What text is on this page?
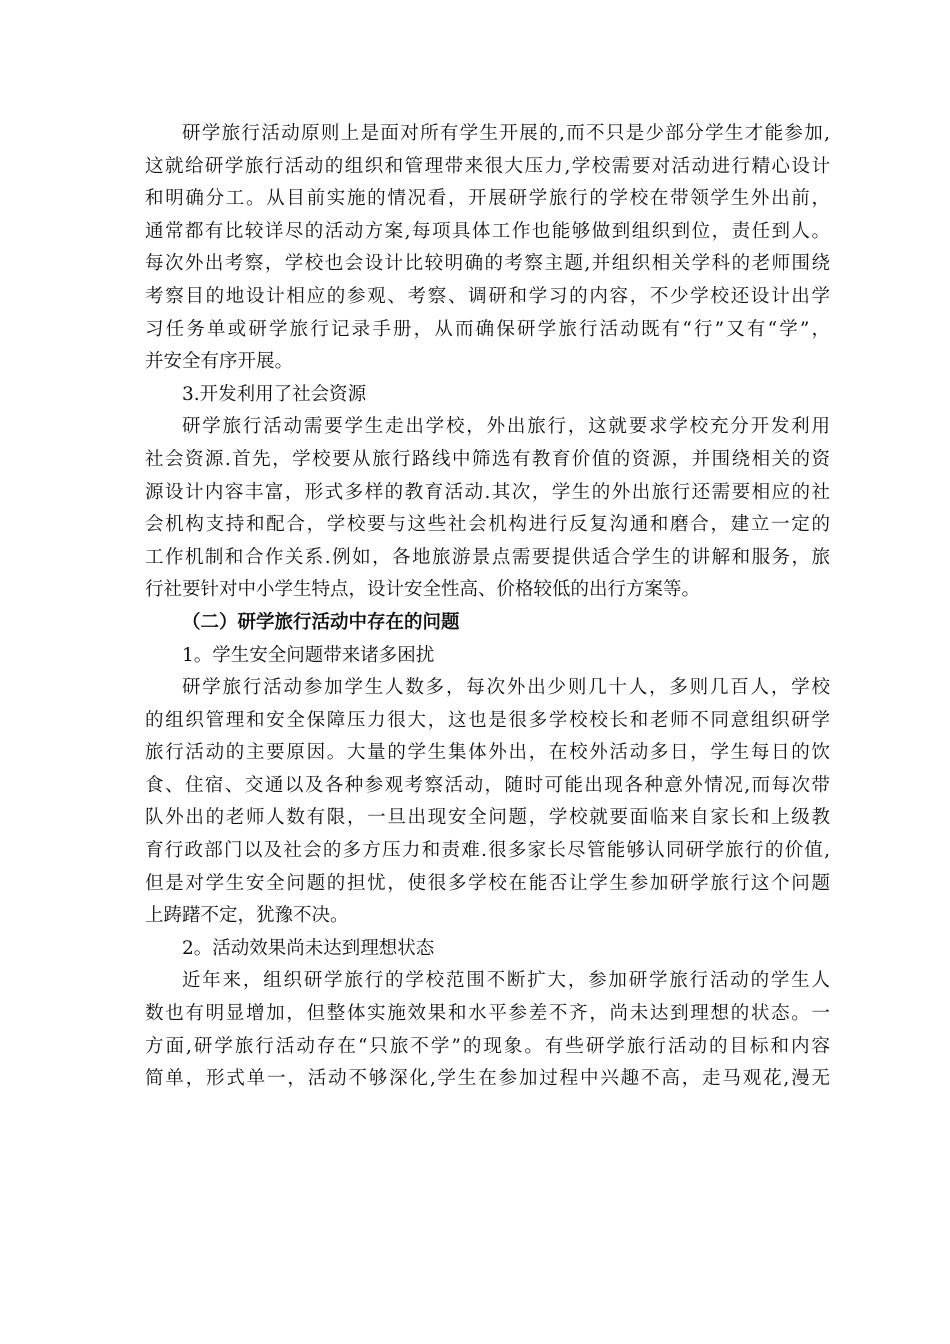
研学旅行活动原则上是面对所有学生开展的,而不只是少部分学生才能参加,
这就给研学旅行活动的组织和管理带来很大压力,学校需要对活动进行精心设计
和明确分工。从目前实施的情况看，开展研学旅行的学校在带领学生外出前，
通常都有比较详尽的活动方案,每项具体工作也能够做到组织到位，责任到人。
每次外出考察，学校也会设计比较明确的考察主题,并组织相关学科的老师围绕
考察目的地设计相应的参观、考察、调研和学习的内容，不少学校还设计出学
习任务单或研学旅行记录手册，从而确保研学旅行活动既有“行”又有“学”，
并安全有序开展。
3.开发利用了社会资源
研学旅行活动需要学生走出学校，外出旅行，这就要求学校充分开发利用
社会资源.首先，学校要从旅行路线中筛选有教育价值的资源，并围绕相关的资
源设计内容丰富，形式多样的教育活动.其次，学生的外出旅行还需要相应的社
会机构支持和配合，学校要与这些社会机构进行反复沟通和磨合，建立一定的
工作机制和合作关系.例如，各地旅游景点需要提供适合学生的讲解和服务，旅
行社要针对中小学生特点，设计安全性高、价格较低的出行方案等。
（二）研学旅行活动中存在的问题
1。学生安全问题带来诸多困扰
研学旅行活动参加学生人数多，每次外出少则几十人，多则几百人，学校
的组织管理和安全保障压力很大，这也是很多学校校长和老师不同意组织研学
旅行活动的主要原因。大量的学生集体外出，在校外活动多日，学生每日的饮
食、住宿、交通以及各种参观考察活动，随时可能出现各种意外情况,而每次带
队外出的老师人数有限，一旦出现安全问题，学校就要面临来自家长和上级教
育行政部门以及社会的多方压力和责难.很多家长尽管能够认同研学旅行的价值,
但是对学生安全问题的担忧，使很多学校在能否让学生参加研学旅行这个问题
上踌躇不定，犹豫不决。
2。活动效果尚未达到理想状态
近年来，组织研学旅行的学校范围不断扩大，参加研学旅行活动的学生人
数也有明显增加，但整体实施效果和水平参差不齐，尚未达到理想的状态。一
方面,研学旅行活动存在“只旅不学”的现象。有些研学旅行活动的目标和内容
简单，形式单一，活动不够深化,学生在参加过程中兴趣不高，走马观花,漫无
